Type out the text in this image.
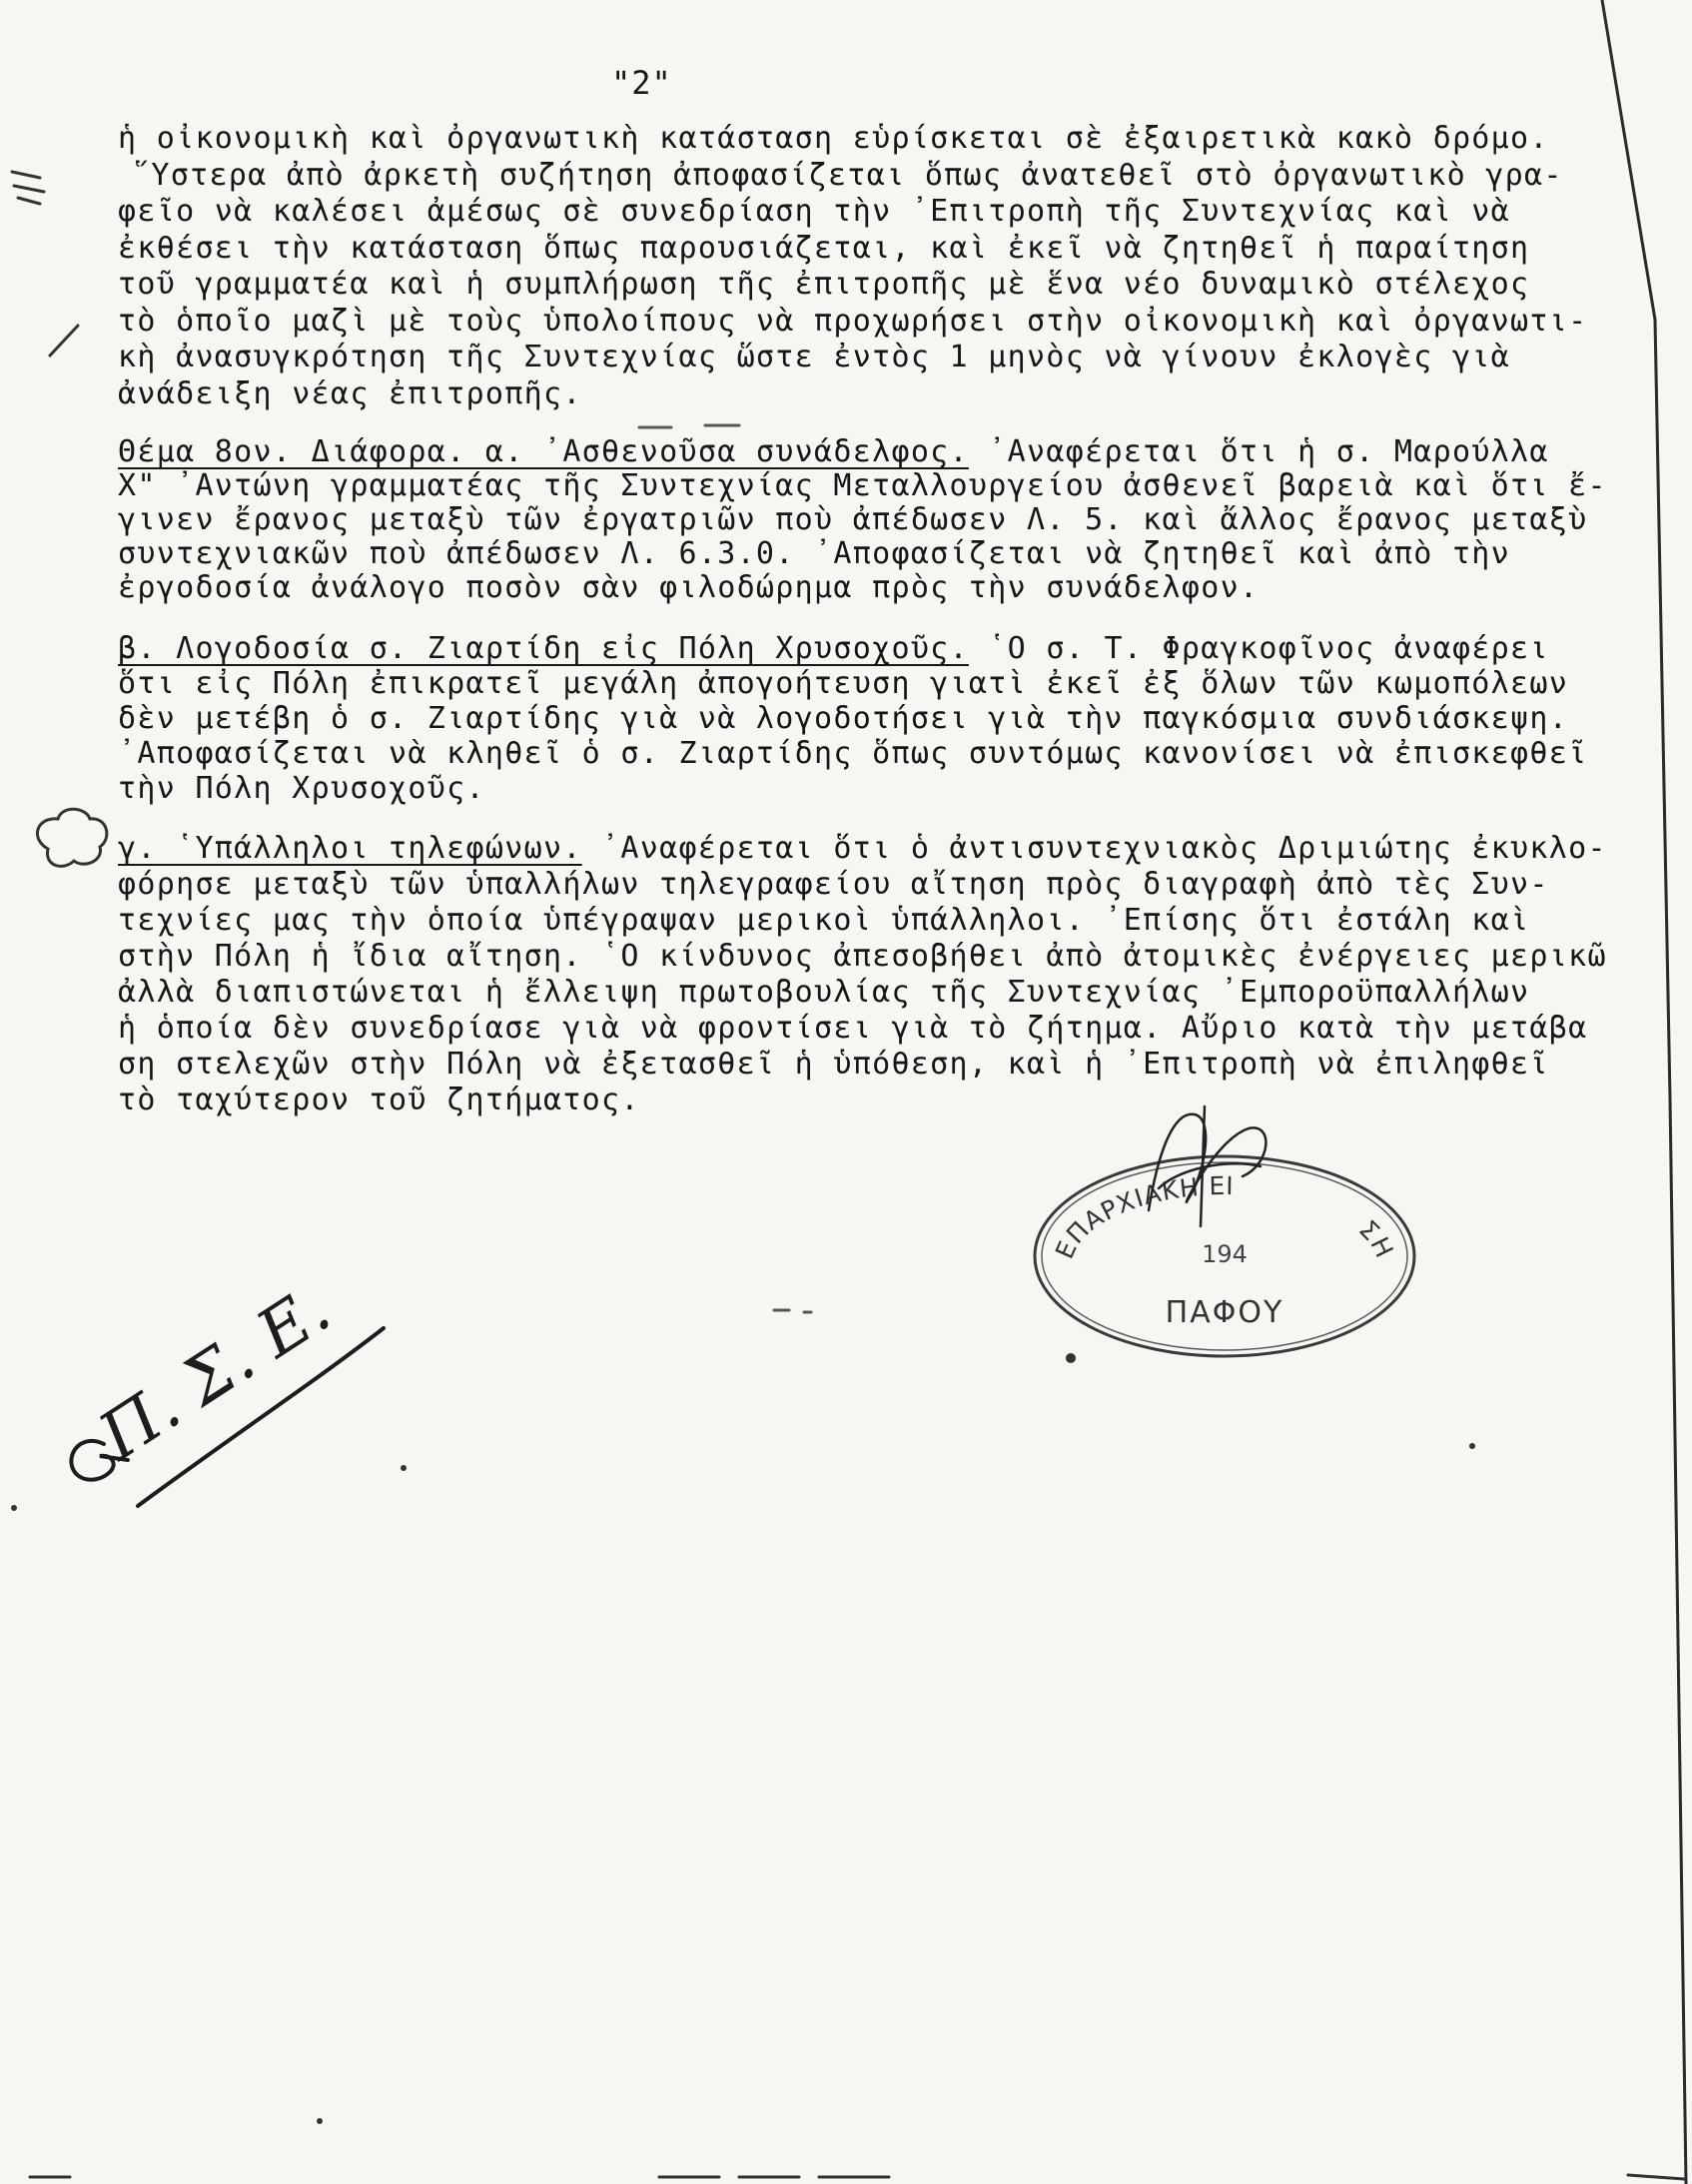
"2"
ἡ οἰκονομικὴ καὶ ὀργανωτικὴ κατάσταση εὑρίσκεται σὲ ἐξαιρετικὰ κακὸ δρόμο.
῞Υστερα ἀπὸ ἀρκετὴ συζήτηση ἀποφασίζεται ὅπως ἀνατεθεῖ στὸ ὀργανωτικὸ γρα-
φεῖο νὰ καλέσει ἀμέσως σὲ συνεδρίαση τὴν ᾽Επιτροπὴ τῆς Συντεχνίας καὶ νὰ
ἐκθέσει τὴν κατάσταση ὅπως παρουσιάζεται, καὶ ἐκεῖ νὰ ζητηθεῖ ἡ παραίτηση
τοῦ γραμματέα καὶ ἡ συμπλήρωση τῆς ἐπιτροπῆς μὲ ἕνα νέο δυναμικὸ στέλεχος
τὸ ὁποῖο μαζὶ μὲ τοὺς ὑπολοίπους νὰ προχωρήσει στὴν οἰκονομικὴ καὶ ὀργανωτι-
κὴ ἀνασυγκρότηση τῆς Συντεχνίας ὥστε ἐντὸς 1 μηνὸς νὰ γίνουν ἐκλογὲς γιὰ
ἀνάδειξη νέας ἐπιτροπῆς.
Θέμα 8ον. Διάφορα. α. ᾽Ασθενοῦσα συνάδελφος. ᾽Αναφέρεται ὅτι ἡ σ. Μαρούλλα
Χ" ᾽Αντώνη γραμματέας τῆς Συντεχνίας Μεταλλουργείου ἀσθενεῖ βαρειὰ καὶ ὅτι ἔ-
γινεν ἔρανος μεταξὺ τῶν ἐργατριῶν ποὺ ἀπέδωσεν Λ. 5. καὶ ἄλλος ἔρανος μεταξὺ
συντεχνιακῶν ποὺ ἀπέδωσεν Λ. 6.3.0. ᾽Αποφασίζεται νὰ ζητηθεῖ καὶ ἀπὸ τὴν
ἐργοδοσία ἀνάλογο ποσὸν σὰν φιλοδώρημα πρὸς τὴν συνάδελφον.
β. Λογοδοσία σ. Ζιαρτίδη εἰς Πόλη Χρυσοχοῦς. ῾Ο σ. Τ. Φραγκοφῖνος ἀναφέρει
ὅτι εἰς Πόλη ἐπικρατεῖ μεγάλη ἀπογοήτευση γιατὶ ἐκεῖ ἐξ ὅλων τῶν κωμοπόλεων
δὲν μετέβη ὁ σ. Ζιαρτίδης γιὰ νὰ λογοδοτήσει γιὰ τὴν παγκόσμια συνδιάσκεψη.
᾽Αποφασίζεται νὰ κληθεῖ ὁ σ. Ζιαρτίδης ὅπως συντόμως κανονίσει νὰ ἐπισκεφθεῖ
τὴν Πόλη Χρυσοχοῦς.
γ. ῾Υπάλληλοι τηλεφώνων. ᾽Αναφέρεται ὅτι ὁ ἀντισυντεχνιακὸς Δριμιώτης ἐκυκλο-
φόρησε μεταξὺ τῶν ὑπαλλήλων τηλεγραφείου αἴτηση πρὸς διαγραφὴ ἀπὸ τὲς Συν-
τεχνίες μας τὴν ὁποία ὑπέγραψαν μερικοὶ ὑπάλληλοι. ᾽Επίσης ὅτι ἐστάλη καὶ
στὴν Πόλη ἡ ἴδια αἴτηση. ῾Ο κίνδυνος ἀπεσοβήθει ἀπὸ ἀτομικὲς ἐνέργειες μερικῶ
ἀλλὰ διαπιστώνεται ἡ ἔλλειψη πρωτοβουλίας τῆς Συντεχνίας ᾽Εμποροϋπαλλήλων
ἡ ὁποία δὲν συνεδρίασε γιὰ νὰ φροντίσει γιὰ τὸ ζήτημα. Αὔριο κατὰ τὴν μετάβα
ση στελεχῶν στὴν Πόλη νὰ ἐξετασθεῖ ἡ ὑπόθεση, καὶ ἡ ᾽Επιτροπὴ νὰ ἐπιληφθεῖ
τὸ ταχύτερον τοῦ ζητήματος.
Π. Σ. Ε.
ΕΠΑΡΧΙΑΚΗ ΕΙ
ΣΗ
194
ΠΑΦΟΥ
